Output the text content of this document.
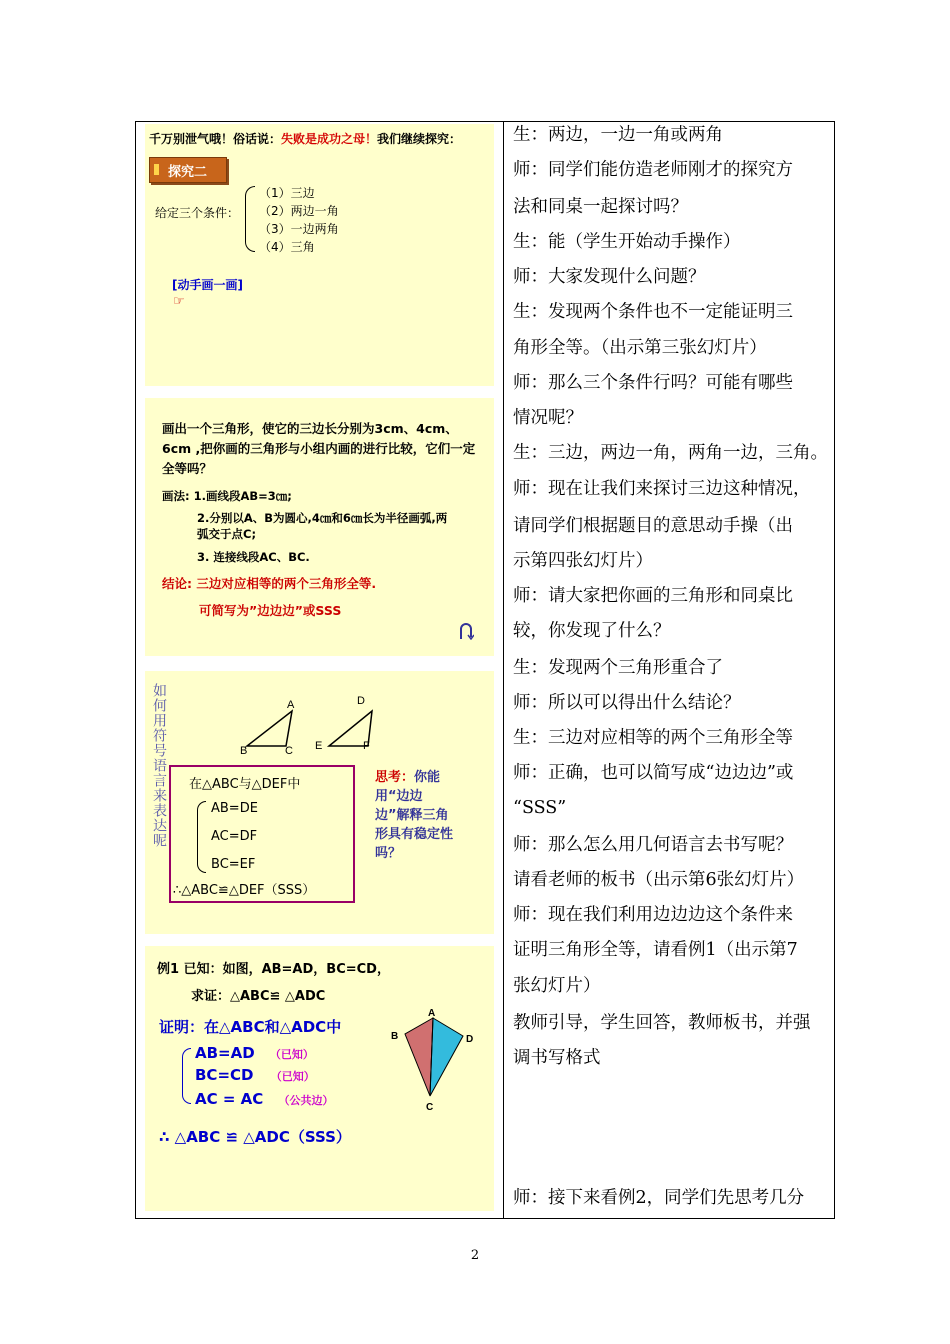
千万别泄气哦！俗话说：失败是成功之母！我们继续探究：
探究二
给定三个条件：
（1）三边
（2）两边一角
（3）一边两角
（4）三角
[动手画一画]
☞
画出一个三角形，使它的三边长分别为3cm、4cm、6cm ,把你画的三角形与小组内画的进行比较，它们一定全等吗？
画法: 1.画线段AB=3㎝;
2.分别以A、B为圆心,4㎝和6㎝长为半径画弧,两
弧交于点C;
3. 连接线段AC、BC.
结论: 三边对应相等的两个三角形全等.
可简写为”边边边”或SSS
如何用符号语言来表达呢	A
B	C
D
E	F
在△ABC与△DEF中
AB=DE
AC=DF
BC=EF
∴△ABC≌△DEF（SSS）
思考：你能用“边边边”解释三角形具有稳定性吗？
例1 已知：如图，AB=AD，BC=CD，
求证：△ABC≌ △ADC
证明：在△ABC和△ADC中
AB=AD （已知）
BC=CD （已知）
AC = AC （公共边）
∴ △ABC ≌ △ADC（SSS）
A
B
C
D
生：两边，一边一角或两角
师：同学们能仿造老师刚才的探究方
法和同桌一起探讨吗？
生：能（学生开始动手操作）
师：大家发现什么问题？
生：发现两个条件也不一定能证明三
角形全等。（出示第三张幻灯片）
师：那么三个条件行吗？可能有哪些
情况呢？
生：三边，两边一角，两角一边，三角。
师：现在让我们来探讨三边这种情况，
请同学们根据题目的意思动手操（出
示第四张幻灯片）
师：请大家把你画的三角形和同桌比
较，你发现了什么？
生：发现两个三角形重合了
师：所以可以得出什么结论？
生：三边对应相等的两个三角形全等
师：正确，也可以简写成“边边边”或
“SSS”
师：那么怎么用几何语言去书写呢？
请看老师的板书（出示第6张幻灯片）
师：现在我们利用边边边这个条件来
证明三角形全等，请看例1（出示第7
张幻灯片）
教师引导，学生回答，教师板书，并强
调书写格式
师：接下来看例2，同学们先思考几分
2
